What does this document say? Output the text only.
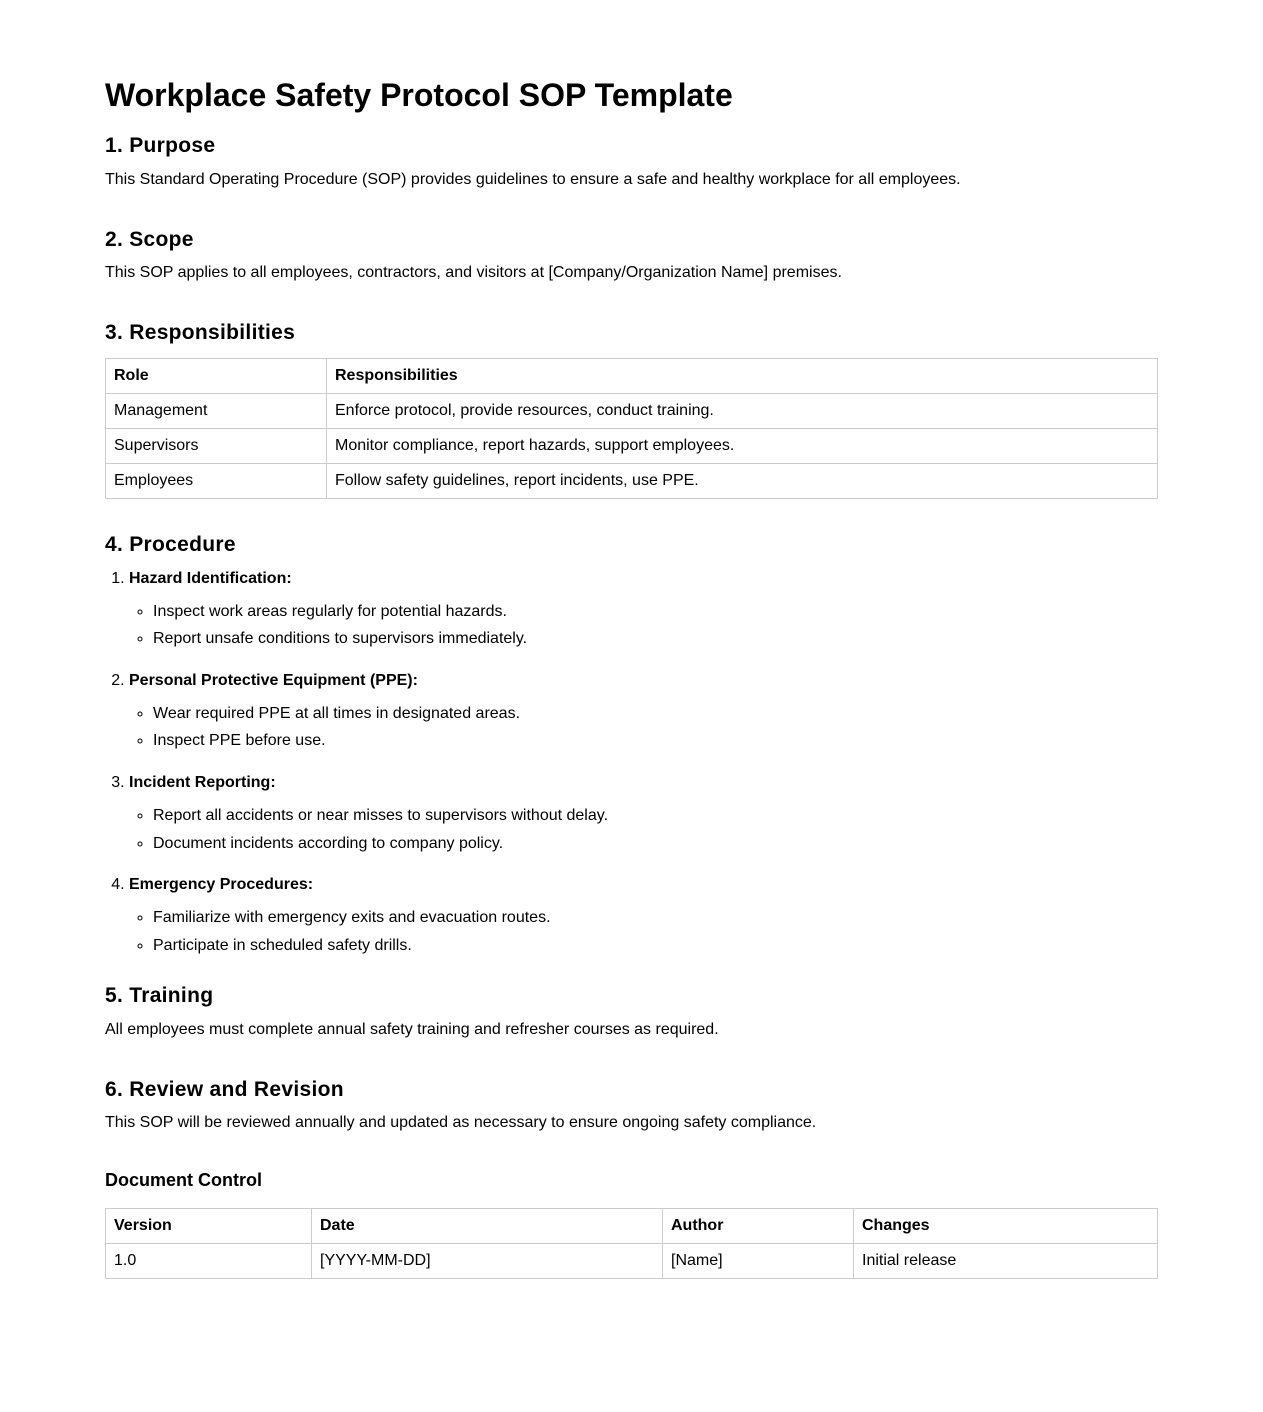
Workplace Safety Protocol SOP Template
1. Purpose

This Standard Operating Procedure (SOP) provides guidelines to ensure a safe and healthy workplace for all employees.

2. Scope

This SOP applies to all employees, contractors, and visitors at [Company/Organization Name] premises.

3. Responsibilities
Role	Responsibilities
Management	Enforce protocol, provide resources, conduct training.
Supervisors	Monitor compliance, report hazards, support employees.
Employees	Follow safety guidelines, report incidents, use PPE.
4. Procedure
1. Hazard Identification:
◦ Inspect work areas regularly for potential hazards.
◦ Report unsafe conditions to supervisors immediately.
2. Personal Protective Equipment (PPE):
◦ Wear required PPE at all times in designated areas.
◦ Inspect PPE before use.
3. Incident Reporting:
◦ Report all accidents or near misses to supervisors without delay.
◦ Document incidents according to company policy.
4. Emergency Procedures:
◦ Familiarize with emergency exits and evacuation routes.
◦ Participate in scheduled safety drills.
5. Training

All employees must complete annual safety training and refresher courses as required.

6. Review and Revision

This SOP will be reviewed annually and updated as necessary to ensure ongoing safety compliance.

Document Control
Version	Date	Author	Changes
1.0	[YYYY-MM-DD]	[Name]	Initial release
